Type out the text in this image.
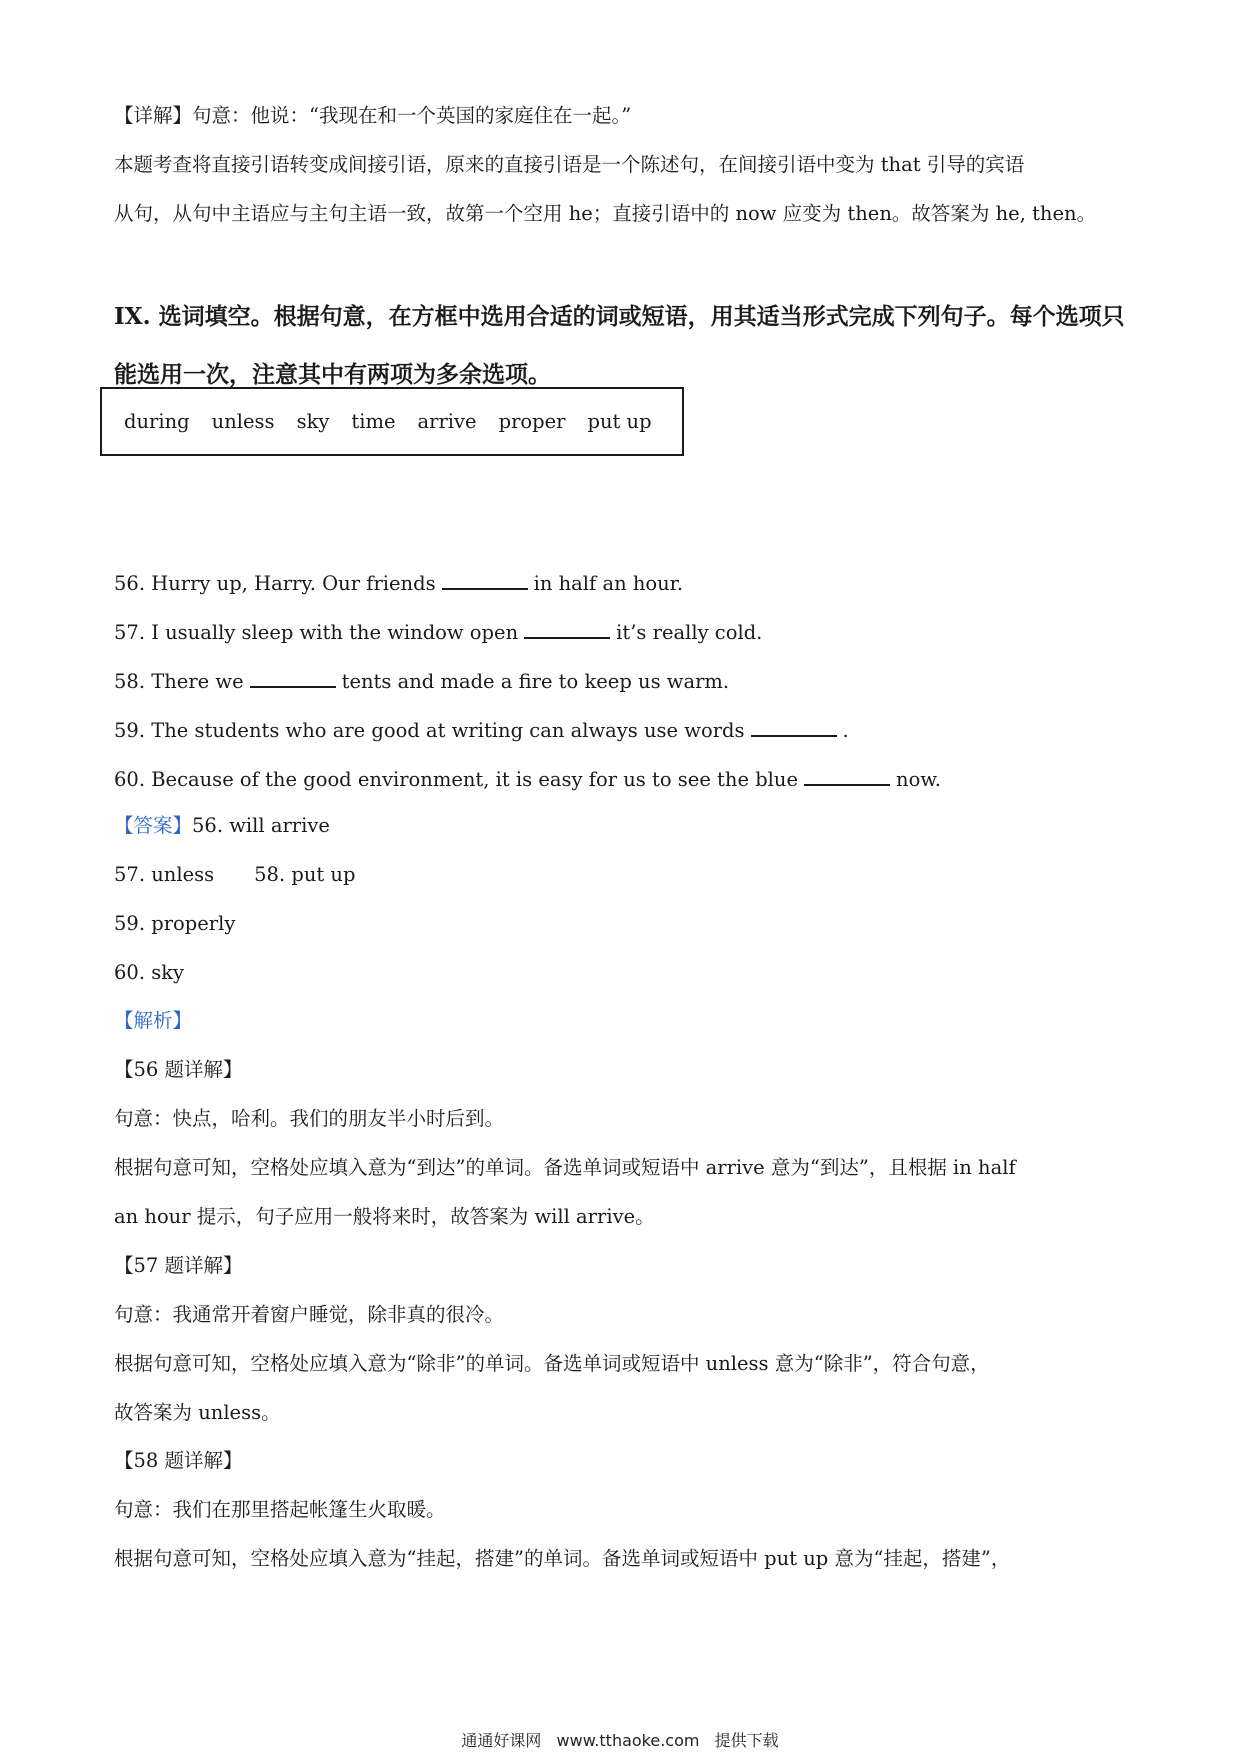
【详解】句意：他说：“我现在和一个英国的家庭住在一起。”
本题考查将直接引语转变成间接引语，原来的直接引语是一个陈述句，在间接引语中变为 that 引导的宾语
从句，从句中主语应与主句主语一致，故第一个空用 he；直接引语中的 now 应变为 then。故答案为 he, then。
IX. 选词填空。根据句意，在方框中选用合适的词或短语，用其适当形式完成下列句子。每个选项只能选用一次，注意其中有两项为多余选项。
during unless sky time arrive proper put up
56. Hurry up, Harry. Our friends	in half an hour.
57. I usually sleep with the window open	it’s really cold.
58. There we	tents and made a fire to keep us warm.
59. The students who are good at writing can always use words	.
60. Because of the good environment, it is easy for us to see the blue	now.
【答案】56. will arrive
57. unless 58. put up
59. properly
60. sky
【解析】
【56 题详解】
句意：快点，哈利。我们的朋友半小时后到。
根据句意可知，空格处应填入意为“到达”的单词。备选单词或短语中 arrive 意为“到达”，且根据 in half
an hour 提示，句子应用一般将来时，故答案为 will arrive。
【57 题详解】
句意：我通常开着窗户睡觉，除非真的很冷。
根据句意可知，空格处应填入意为“除非”的单词。备选单词或短语中 unless 意为“除非”，符合句意，
故答案为 unless。
【58 题详解】
句意：我们在那里搭起帐篷生火取暖。
根据句意可知，空格处应填入意为“挂起，搭建”的单词。备选单词或短语中 put up 意为“挂起，搭建”，
通通好课网 www.tthaoke.com 提供下载
